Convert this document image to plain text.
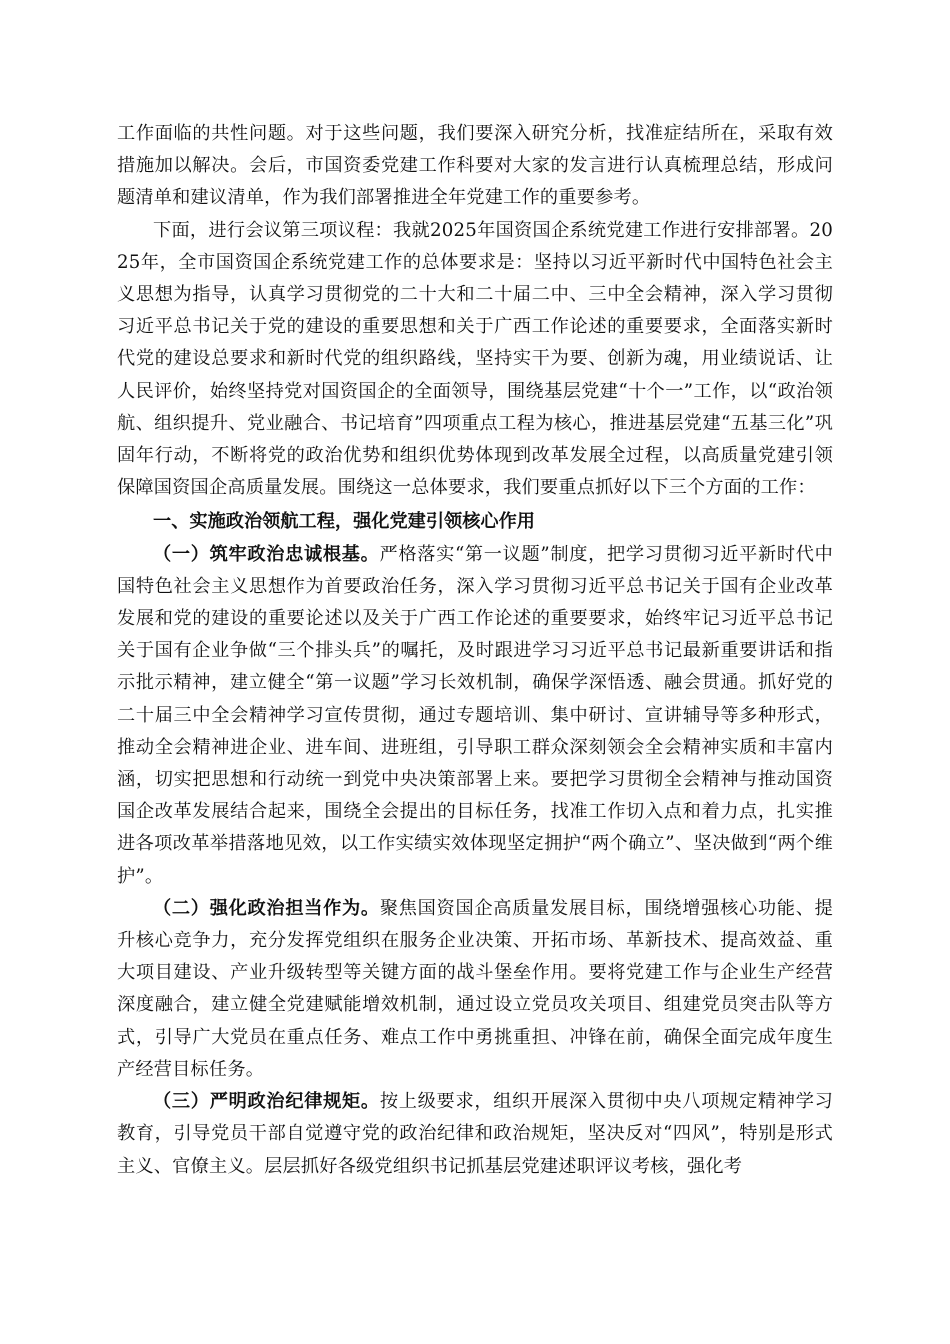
工作面临的共性问题。对于这些问题，我们要深入研究分析，找准症结所在，采取有效措施加以解决。会后，市国资委党建工作科要对大家的发言进行认真梳理总结，形成问题清单和建议清单，作为我们部署推进全年党建工作的重要参考。

下面，进行会议第三项议程：我就2025年国资国企系统党建工作进行安排部署。2025年，全市国资国企系统党建工作的总体要求是：坚持以习近平新时代中国特色社会主义思想为指导，认真学习贯彻党的二十大和二十届二中、三中全会精神，深入学习贯彻习近平总书记关于党的建设的重要思想和关于广西工作论述的重要要求，全面落实新时代党的建设总要求和新时代党的组织路线，坚持实干为要、创新为魂，用业绩说话、让人民评价，始终坚持党对国资国企的全面领导，围绕基层党建“十个一”工作，以“政治领航、组织提升、党业融合、书记培育”四项重点工程为核心，推进基层党建“五基三化”巩固年行动，不断将党的政治优势和组织优势体现到改革发展全过程，以高质量党建引领保障国资国企高质量发展。围绕这一总体要求，我们要重点抓好以下三个方面的工作：

一、实施政治领航工程，强化党建引领核心作用

（一）筑牢政治忠诚根基。严格落实“第一议题”制度，把学习贯彻习近平新时代中国特色社会主义思想作为首要政治任务，深入学习贯彻习近平总书记关于国有企业改革发展和党的建设的重要论述以及关于广西工作论述的重要要求，始终牢记习近平总书记关于国有企业争做“三个排头兵”的嘱托，及时跟进学习习近平总书记最新重要讲话和指示批示精神，建立健全“第一议题”学习长效机制，确保学深悟透、融会贯通。抓好党的二十届三中全会精神学习宣传贯彻，通过专题培训、集中研讨、宣讲辅导等多种形式，推动全会精神进企业、进车间、进班组，引导职工群众深刻领会全会精神实质和丰富内涵，切实把思想和行动统一到党中央决策部署上来。要把学习贯彻全会精神与推动国资国企改革发展结合起来，围绕全会提出的目标任务，找准工作切入点和着力点，扎实推进各项改革举措落地见效，以工作实绩实效体现坚定拥护“两个确立”、坚决做到“两个维护”。

（二）强化政治担当作为。聚焦国资国企高质量发展目标，围绕增强核心功能、提升核心竞争力，充分发挥党组织在服务企业决策、开拓市场、革新技术、提高效益、重大项目建设、产业升级转型等关键方面的战斗堡垒作用。要将党建工作与企业生产经营深度融合，建立健全党建赋能增效机制，通过设立党员攻关项目、组建党员突击队等方式，引导广大党员在重点任务、难点工作中勇挑重担、冲锋在前，确保全面完成年度生产经营目标任务。

（三）严明政治纪律规矩。按上级要求，组织开展深入贯彻中央八项规定精神学习教育，引导党员干部自觉遵守党的政治纪律和政治规矩，坚决反对“四风”，特别是形式主义、官僚主义。层层抓好各级党组织书记抓基层党建述职评议考核，强化考
